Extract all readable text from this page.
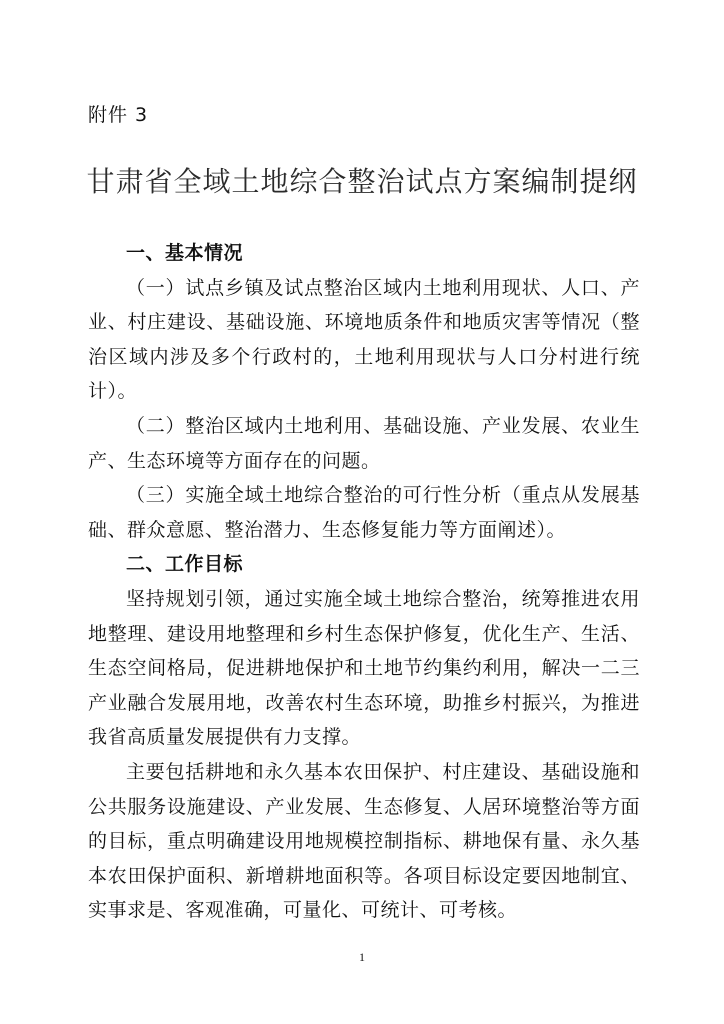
附件 3
甘肃省全域土地综合整治试点方案编制提纲

一、基本情况

（一）试点乡镇及试点整治区域内土地利用现状、人口、产业、村庄建设、基础设施、环境地质条件和地质灾害等情况（整治区域内涉及多个行政村的，土地利用现状与人口分村进行统计）。

（二）整治区域内土地利用、基础设施、产业发展、农业生产、生态环境等方面存在的问题。

（三）实施全域土地综合整治的可行性分析（重点从发展基础、群众意愿、整治潜力、生态修复能力等方面阐述）。

二、工作目标

坚持规划引领，通过实施全域土地综合整治，统筹推进农用地整理、建设用地整理和乡村生态保护修复，优化生产、生活、生态空间格局，促进耕地保护和土地节约集约利用，解决一二三产业融合发展用地，改善农村生态环境，助推乡村振兴，为推进我省高质量发展提供有力支撑。

主要包括耕地和永久基本农田保护、村庄建设、基础设施和公共服务设施建设、产业发展、生态修复、人居环境整治等方面的目标，重点明确建设用地规模控制指标、耕地保有量、永久基本农田保护面积、新增耕地面积等。各项目标设定要因地制宜、实事求是、客观准确，可量化、可统计、可考核。

1
